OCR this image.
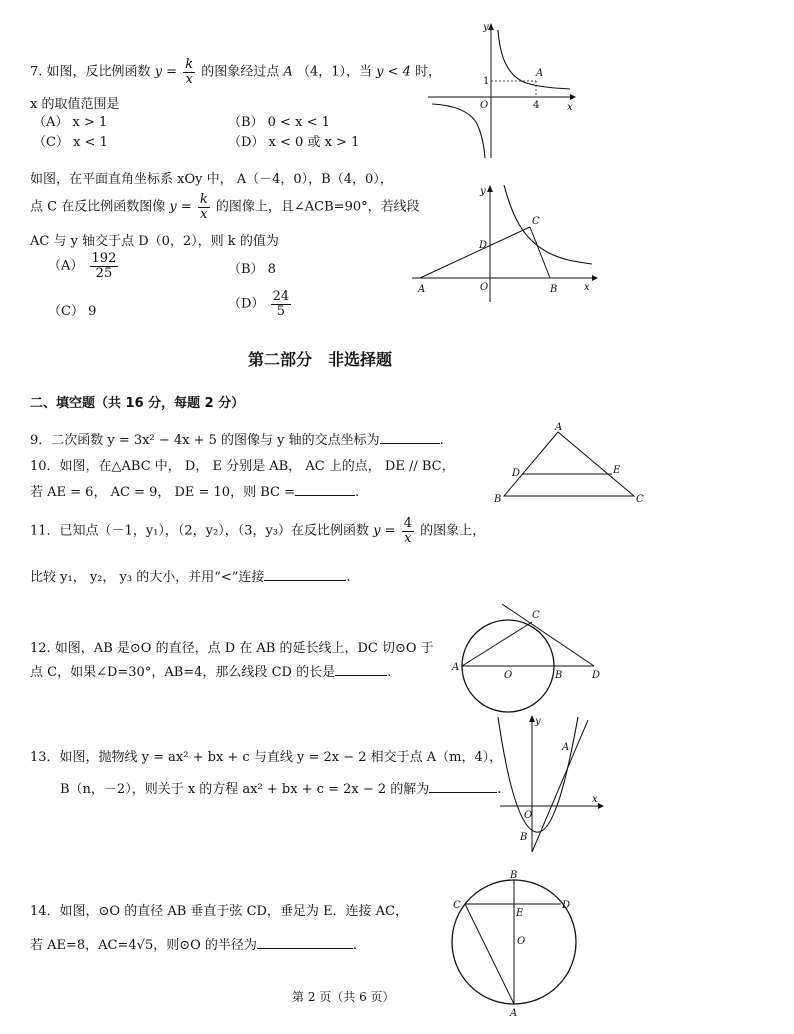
7. 如图，反比例函数 $y = \frac{k}{x}$ 的图象经过点 A （4，1），当 y < 4 时，
x 的取值范围是
（A） x > 1	（B） 0 < x < 1
（C） x < 1	（D） x < 0 或 x > 1
y
x
O
A
1
4
如图，在平面直角坐标系 xOy 中， A（－4，0），B（4，0），
点 C 在反比例函数图像 $y = \frac{k}{x}$ 的图像上，且∠ACB=90°，若线段
AC 与 y 轴交于点 D（0，2），则 k 的值为
$(A) \frac{192}{25}$	（B） 8
（C） 9	$(D) \frac{24}{5}$
y
x
O
A	B
C
D
第二部分　非选择题
二、填空题（共 16 分，每题 2 分）
9．二次函数 y = 3x² − 4x + 5 的图像与 y 轴的交点坐标为	.
10．如图，在△ABC 中， D， E 分别是 AB， AC 上的点， DE // BC，
若 AE = 6， AC = 9， DE = 10，则 BC =	.
A
B	C
D	E
11．已知点（－1，y₁），（2，y₂），（3，y₃）在反比例函数 $y = \frac{4}{x}$ 的图象上，
比较 y₁， y₂， y₃ 的大小，并用“<”连接	.
12. 如图，AB 是⊙O 的直径，点 D 在 AB 的延长线上，DC 切⊙O 于
点 C，如果∠D=30°，AB=4，那么线段 CD 的长是	.	A
O	B
C
D
13．如图，抛物线 y = ax² + bx + c 与直线 y = 2x − 2 相交于点 A（m，4），
B（n，－2），则关于 x 的方程 ax² + bx + c = 2x − 2 的解为	.
y
x
O
A
B
14．如图，⊙O 的直径 AB 垂直于弦 CD，垂足为 E．连接 AC，
若 AE=8，AC=4√5，则⊙O 的半径为	.
B
C	D
E
O
A
第 2 页（共 6 页）
